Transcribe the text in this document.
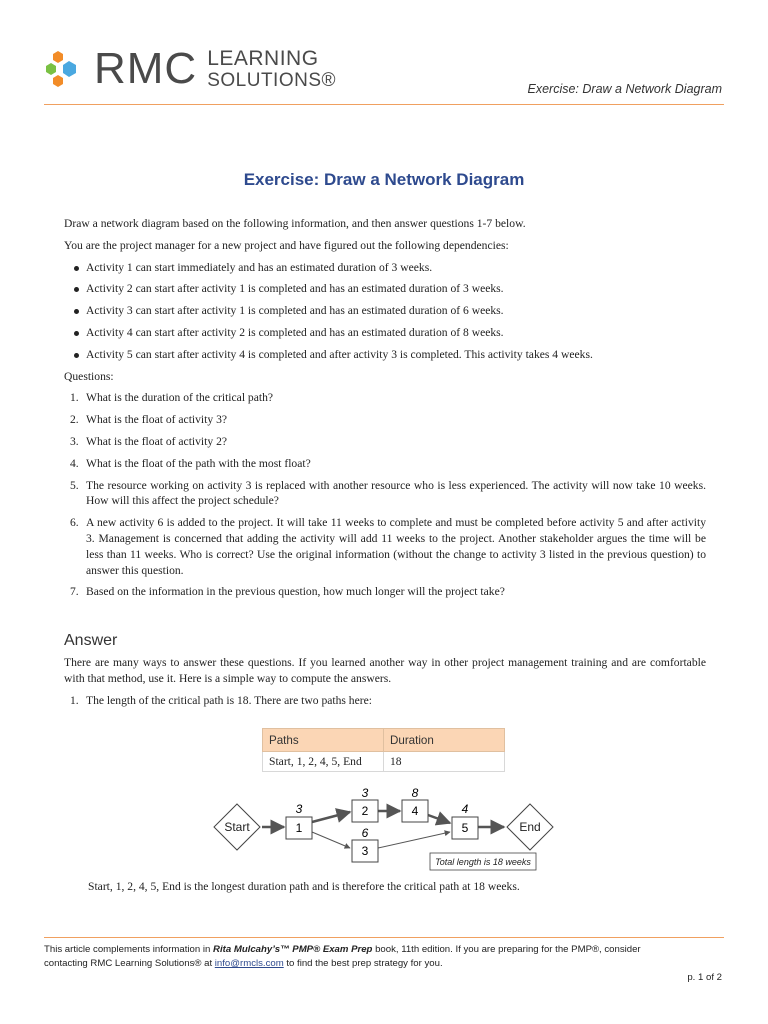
RMC LEARNING
SOLUTIONS®	Exercise: Draw a Network Diagram
Exercise: Draw a Network Diagram

Draw a network diagram based on the following information, and then answer questions 1-7 below.

You are the project manager for a new project and have figured out the following dependencies:

Activity 1 can start immediately and has an estimated duration of 3 weeks.
Activity 2 can start after activity 1 is completed and has an estimated duration of 3 weeks.
Activity 3 can start after activity 1 is completed and has an estimated duration of 6 weeks.
Activity 4 can start after activity 2 is completed and has an estimated duration of 8 weeks.
Activity 5 can start after activity 4 is completed and after activity 3 is completed. This activity takes 4 weeks.

Questions:

1. What is the duration of the critical path?
2. What is the float of activity 3?
3. What is the float of activity 2?
4. What is the float of the path with the most float?
5. The resource working on activity 3 is replaced with another resource who is less experienced. The activity will now take 10 weeks. How will this affect the project schedule?
6. A new activity 6 is added to the project. It will take 11 weeks to complete and must be completed before activity 5 and after activity 3. Management is concerned that adding the activity will add 11 weeks to the project. Another stakeholder argues the time will be less than 11 weeks. Who is correct? Use the original information (without the change to activity 3 listed in the previous question) to answer this question.
7. Based on the information in the previous question, how much longer will the project take?
Answer

There are many ways to answer these questions. If you learned another way in other project management training and are comfortable with that method, use it. Here is a simple way to compute the answers.

1. The length of the critical path is 18. There are two paths here:
Paths	Duration
Start, 1, 2, 4, 5, End	18
Start	End
1
3	2
3
3
6
4
8
5
4
Total length is 18 weeks
Start, 1, 2, 4, 5, End is the longest duration path and is therefore the critical path at 18 weeks.
This article complements information in Rita Mulcahy’s™ PMP® Exam Prep book, 11th edition. If you are preparing for the PMP®, consider
contacting RMC Learning Solutions® at info@rmcls.com to find the best prep strategy for you.
p. 1 of 2
